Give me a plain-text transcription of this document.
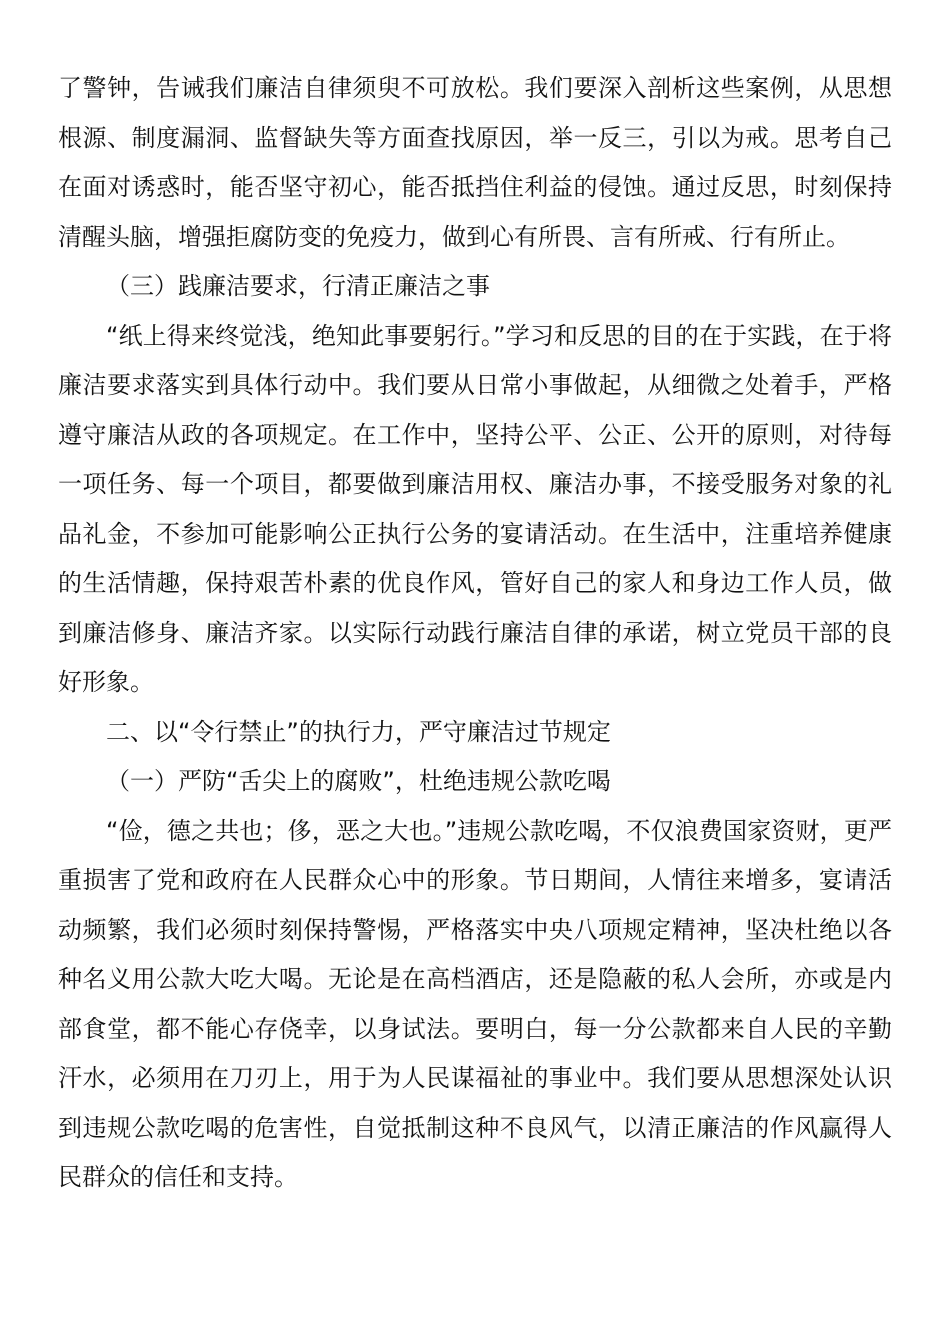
了警钟，告诫我们廉洁自律须臾不可放松。我们要深入剖析这些案例，从思想根源、制度漏洞、监督缺失等方面查找原因，举一反三，引以为戒。思考自己在面对诱惑时，能否坚守初心，能否抵挡住利益的侵蚀。通过反思，时刻保持清醒头脑，增强拒腐防变的免疫力，做到心有所畏、言有所戒、行有所止。

（三）践廉洁要求，行清正廉洁之事

“纸上得来终觉浅，绝知此事要躬行。”学习和反思的目的在于实践，在于将廉洁要求落实到具体行动中。我们要从日常小事做起，从细微之处着手，严格遵守廉洁从政的各项规定。在工作中，坚持公平、公正、公开的原则，对待每一项任务、每一个项目，都要做到廉洁用权、廉洁办事，不接受服务对象的礼品礼金，不参加可能影响公正执行公务的宴请活动。在生活中，注重培养健康的生活情趣，保持艰苦朴素的优良作风，管好自己的家人和身边工作人员，做到廉洁修身、廉洁齐家。以实际行动践行廉洁自律的承诺，树立党员干部的良好形象。

二、以“令行禁止”的执行力，严守廉洁过节规定

（一）严防“舌尖上的腐败”，杜绝违规公款吃喝

“俭，德之共也；侈，恶之大也。”违规公款吃喝，不仅浪费国家资财，更严重损害了党和政府在人民群众心中的形象。节日期间，人情往来增多，宴请活动频繁，我们必须时刻保持警惕，严格落实中央八项规定精神，坚决杜绝以各种名义用公款大吃大喝。无论是在高档酒店，还是隐蔽的私人会所，亦或是内部食堂，都不能心存侥幸，以身试法。要明白，每一分公款都来自人民的辛勤汗水，必须用在刀刃上，用于为人民谋福祉的事业中。我们要从思想深处认识到违规公款吃喝的危害性，自觉抵制这种不良风气，以清正廉洁的作风赢得人民群众的信任和支持。
